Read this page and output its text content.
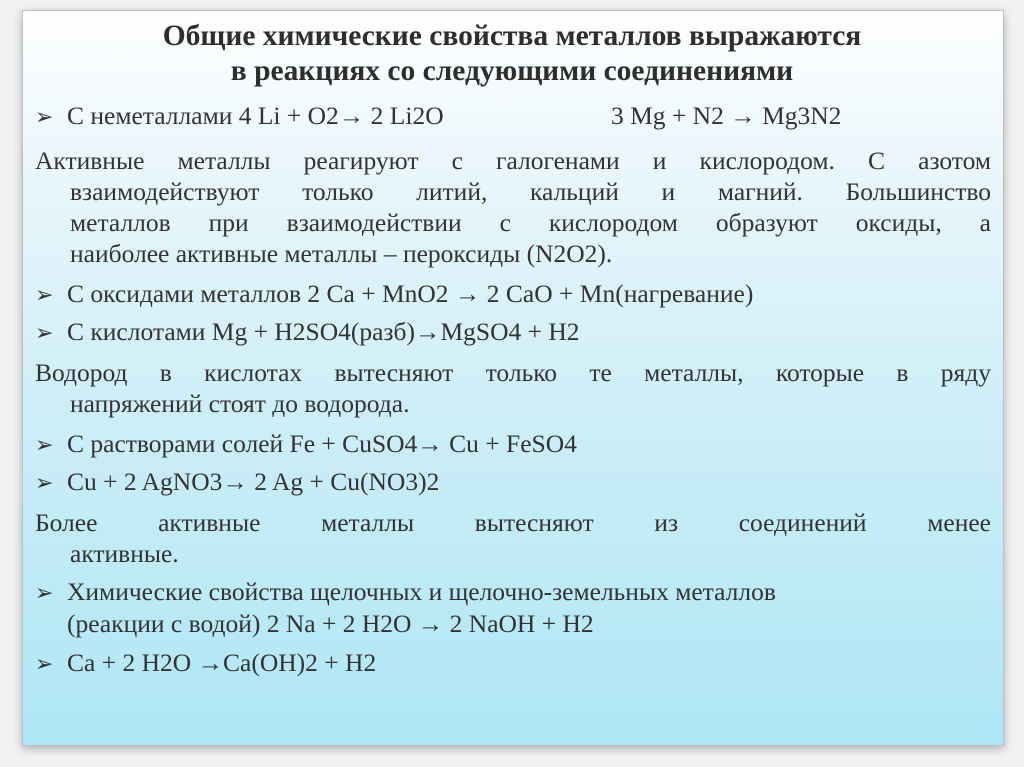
Общие химические свойства металлов выражаются
в реакциях со следующими соединениями
➢ С неметаллами 4 Li + O2→ 2 Li2O	3 Mg + N2 → Mg3N2
Активные металлы реагируют с галогенами и кислородом. С азотом
взаимодействуют только литий, кальций и магний. Большинство
металлов при взаимодействии с кислородом образуют оксиды, а
наиболее активные металлы – пероксиды (N2O2).
➢ С оксидами металлов 2 Ca + MnO2 → 2 CaO + Mn(нагревание)
➢ С кислотами Mg + H2SO4(разб)→MgSO4 + H2
Водород в кислотах вытесняют только те металлы, которые в ряду
напряжений стоят до водорода.
➢ С растворами солей Fe + CuSO4→ Cu + FeSO4
➢ Cu + 2 AgNO3→ 2 Ag + Cu(NO3)2
Более активные металлы вытесняют из соединений менее
активные.
➢ Химические свойства щелочных и щелочно-земельных металлов
(реакции с водой) 2 Na + 2 H2O → 2 NaOH + H2
➢ Ca + 2 H2O →Ca(OH)2 + H2
